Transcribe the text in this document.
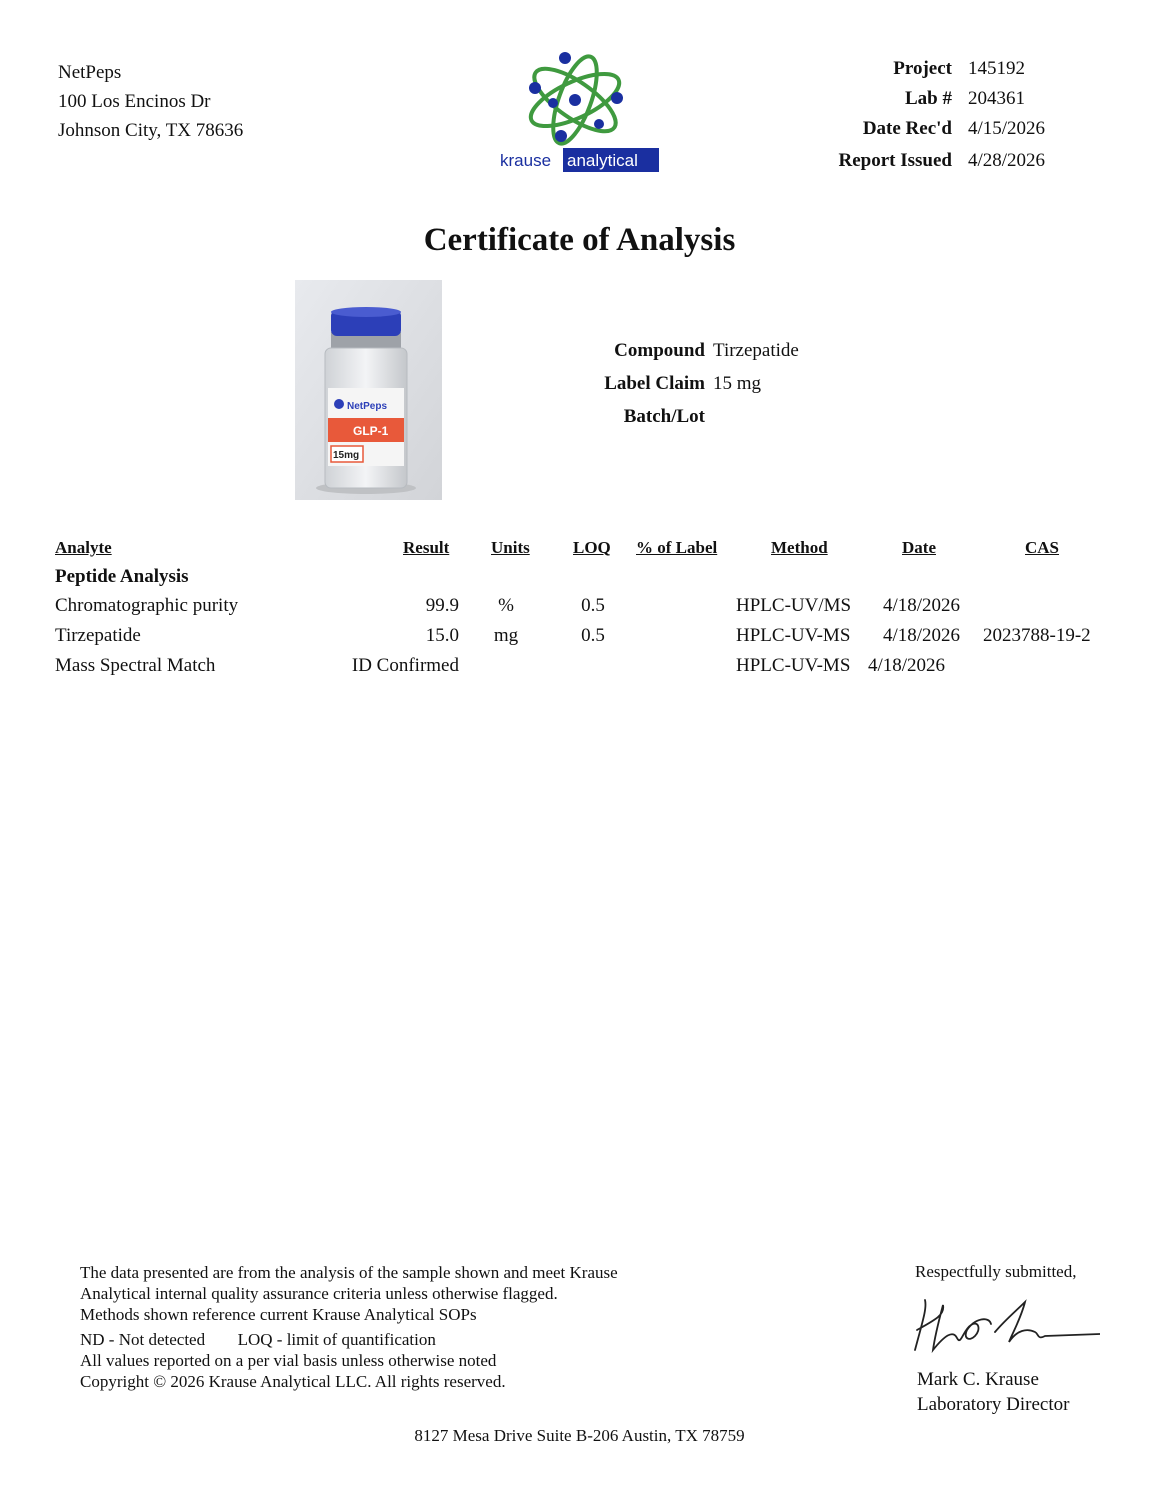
NetPeps
100 Los Encinos Dr
Johnson City, TX 78636
krause analytical
Project 145192
Lab # 204361
Date Rec'd 4/15/2026
Report Issued 4/28/2026
Certificate of Analysis
NetPeps
GLP-1
15mg
Compound Tirzepatide
Label Claim 15 mg
Batch/Lot
Analyte	Result Units	LOQ % of Label	Method	Date	CAS
Peptide Analysis
Chromatographic purity	99.9	%	0.5	HPLC-UV/MS 4/18/2026
Tirzepatide	15.0	mg	0.5	HPLC-UV-MS 4/18/2026 2023788-19-2
Mass Spectral Match	ID Confirmed	HPLC-UV-MS 4/18/2026
The data presented are from the analysis of the sample shown and meet Krause
Analytical internal quality assurance criteria unless otherwise flagged.
Methods shown reference current Krause Analytical SOPs
ND - Not detected LOQ - limit of quantification
All values reported on a per vial basis unless otherwise noted
Copyright © 2026 Krause Analytical LLC. All rights reserved.
Respectfully submitted,
Mark C. Krause
Laboratory Director
8127 Mesa Drive Suite B-206 Austin, TX 78759
